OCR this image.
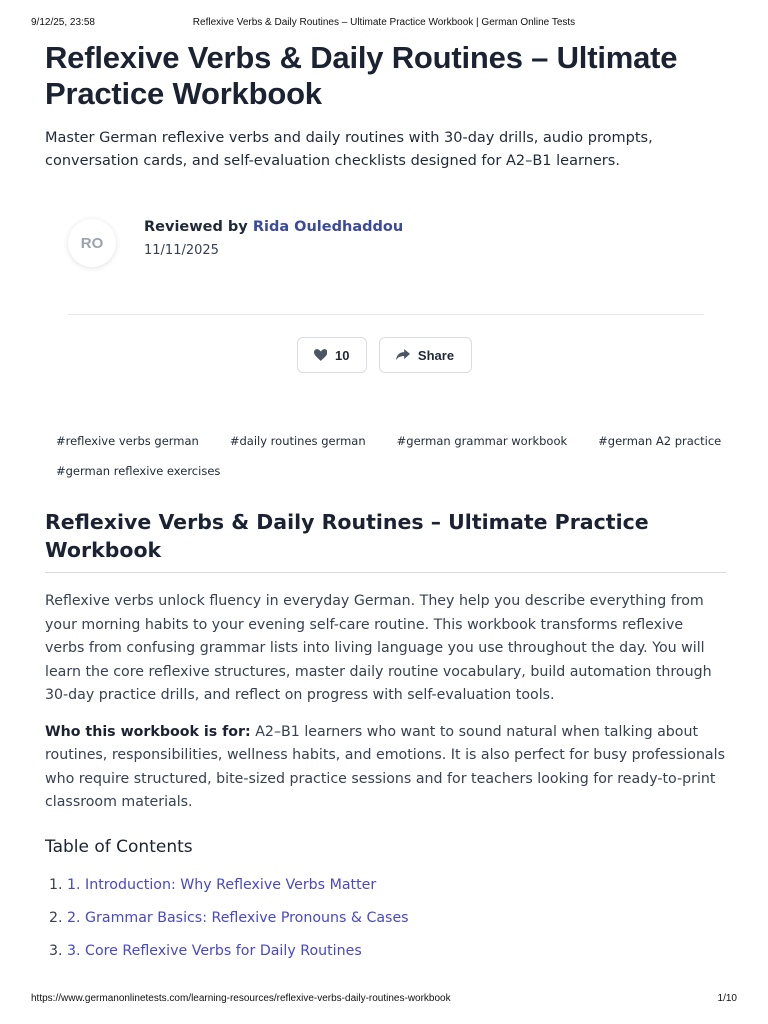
9/12/25, 23:58	Reflexive Verbs & Daily Routines – Ultimate Practice Workbook | German Online Tests
Reflexive Verbs & Daily Routines – Ultimate Practice Workbook

Master German reflexive verbs and daily routines with 30-day drills, audio prompts, conversation cards, and self-evaluation checklists designed for A2–B1 learners.

RO
Reviewed by Rida Ouledhaddou
11/11/2025
10	Share
#reflexive verbs german	#daily routines german	#german grammar workbook	#german A2 practice
#german reflexive exercises
Reflexive Verbs & Daily Routines – Ultimate Practice Workbook

Reflexive verbs unlock fluency in everyday German. They help you describe everything from your morning habits to your evening self-care routine. This workbook transforms reflexive verbs from confusing grammar lists into living language you use throughout the day. You will learn the core reflexive structures, master daily routine vocabulary, build automation through 30-day practice drills, and reflect on progress with self-evaluation tools.

Who this workbook is for: A2–B1 learners who want to sound natural when talking about routines, responsibilities, wellness habits, and emotions. It is also perfect for busy professionals who require structured, bite-sized practice sessions and for teachers looking for ready-to-print classroom materials.

Table of Contents
1. 1. Introduction: Why Reflexive Verbs Matter
2. 2. Grammar Basics: Reflexive Pronouns & Cases
3. 3. Core Reflexive Verbs for Daily Routines
https://www.germanonlinetests.com/learning-resources/reflexive-verbs-daily-routines-workbook	1/10
